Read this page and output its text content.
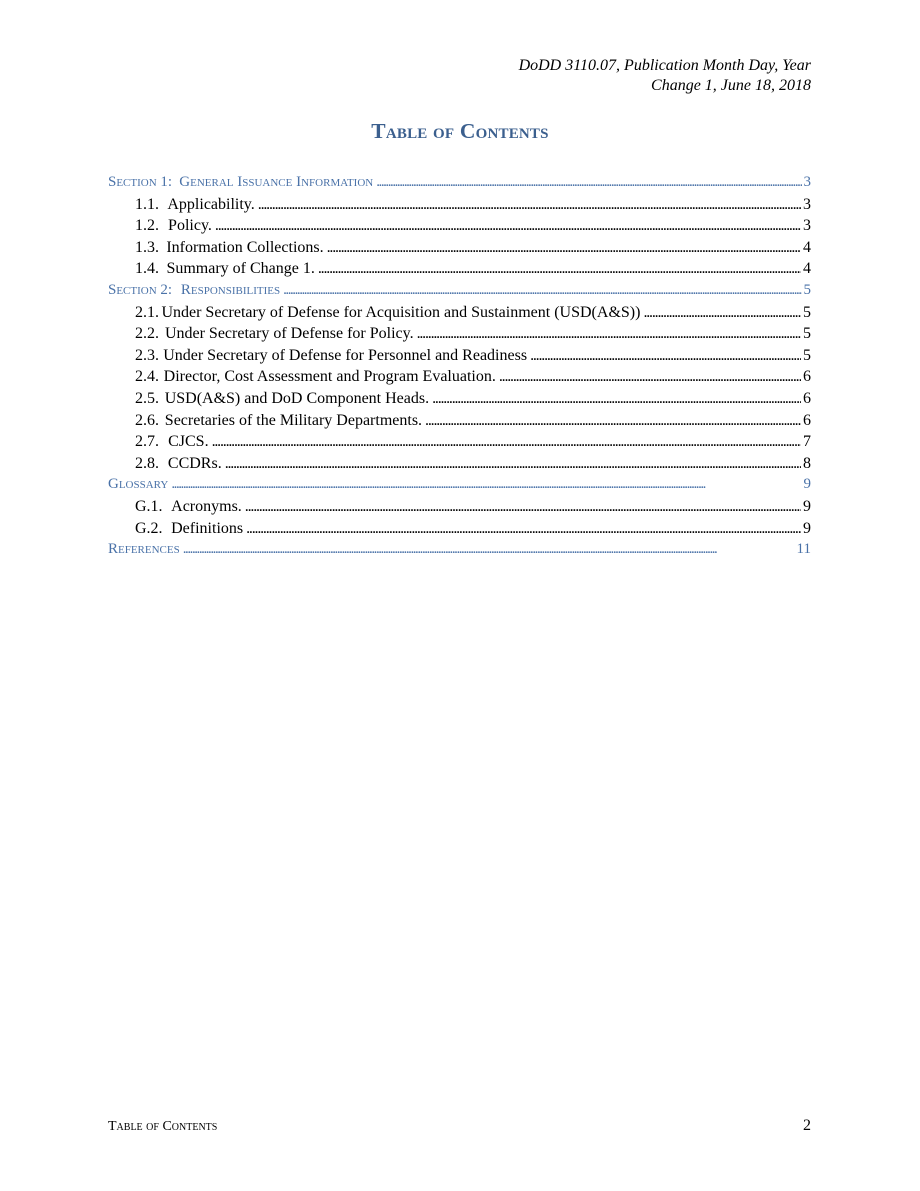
DoDD 3110.07, Publication Month Day, Year
Change 1, June 18, 2018
Table of Contents
Section 1: General Issuance Information . . .	3
1.1. Applicability. . . .	3
1.2. Policy. . . .	3
1.3. Information Collections. . . .	4
1.4. Summary of Change 1. . . .	4
Section 2: Responsibilities . . .	5
2.1. Under Secretary of Defense for Acquisition and Sustainment (USD(A&S)) . . .	5
2.2. Under Secretary of Defense for Policy. . . .	5
2.3. Under Secretary of Defense for Personnel and Readiness . . .	5
2.4. Director, Cost Assessment and Program Evaluation. . . .	6
2.5. USD(A&S) and DoD Component Heads. . . .	6
2.6. Secretaries of the Military Departments. . . .	6
2.7. CJCS. . . .	7
2.8. CCDRs. . . .	8
Glossary . . .	9
G.1. Acronyms. . . .	9
G.2. Definitions . . .	9
References . . .	11
Table of Contents	2
